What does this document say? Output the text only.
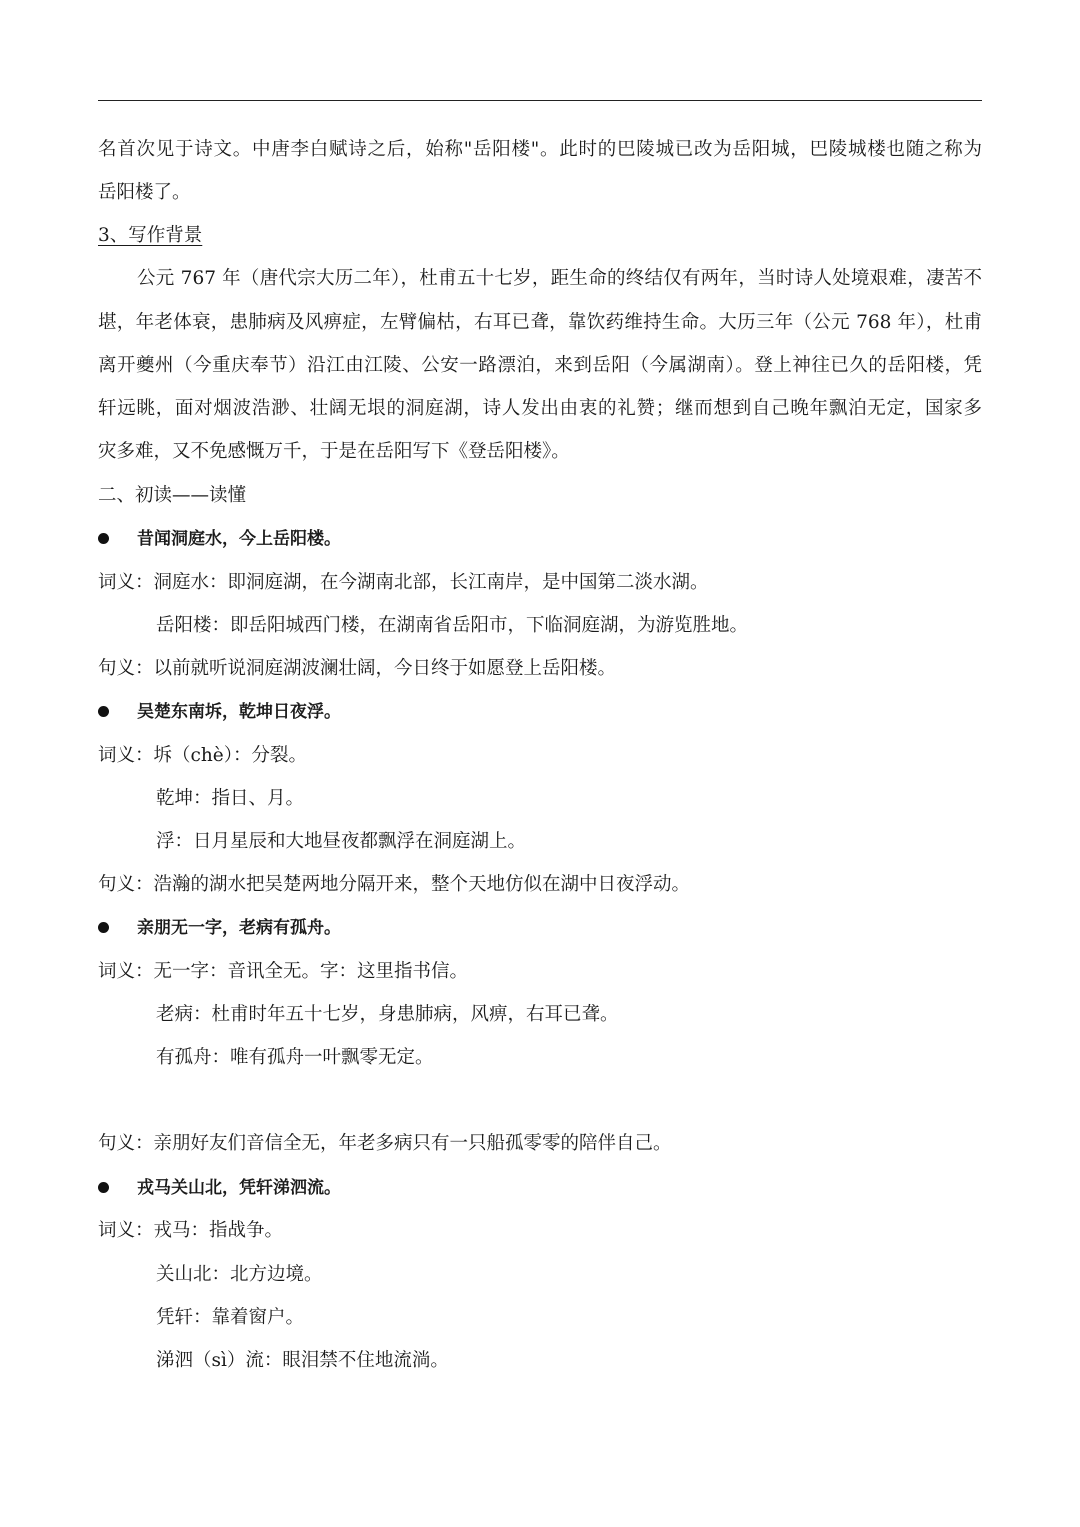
名首次见于诗文。中唐李白赋诗之后，始称"岳阳楼"。此时的巴陵城已改为岳阳城，巴陵城楼也随之称为
岳阳楼了。
3、写作背景
公元 767 年（唐代宗大历二年），杜甫五十七岁，距生命的终结仅有两年，当时诗人处境艰难，凄苦不
堪，年老体衰，患肺病及风痹症，左臂偏枯，右耳已聋，靠饮药维持生命。大历三年（公元 768 年），杜甫
离开夔州（今重庆奉节）沿江由江陵、公安一路漂泊，来到岳阳（今属湖南）。登上神往已久的岳阳楼，凭
轩远眺，面对烟波浩渺、壮阔无垠的洞庭湖，诗人发出由衷的礼赞；继而想到自己晚年飘泊无定，国家多
灾多难，又不免感慨万千，于是在岳阳写下《登岳阳楼》。
二、初读——读懂
昔闻洞庭水，今上岳阳楼。
词义：洞庭水：即洞庭湖，在今湖南北部，长江南岸，是中国第二淡水湖。
岳阳楼：即岳阳城西门楼，在湖南省岳阳市，下临洞庭湖，为游览胜地。
句义：以前就听说洞庭湖波澜壮阔，今日终于如愿登上岳阳楼。
吴楚东南坼，乾坤日夜浮。
词义：坼（chè）：分裂。
乾坤：指日、月。
浮：日月星辰和大地昼夜都飘浮在洞庭湖上。
句义：浩瀚的湖水把吴楚两地分隔开来，整个天地仿似在湖中日夜浮动。
亲朋无一字，老病有孤舟。
词义：无一字：音讯全无。字：这里指书信。
老病：杜甫时年五十七岁，身患肺病，风痹，右耳已聋。
有孤舟：唯有孤舟一叶飘零无定。
句义：亲朋好友们音信全无，年老多病只有一只船孤零零的陪伴自己。
戎马关山北，凭轩涕泗流。
词义：戎马：指战争。
关山北：北方边境。
凭轩：靠着窗户。
涕泗（sì）流：眼泪禁不住地流淌。
